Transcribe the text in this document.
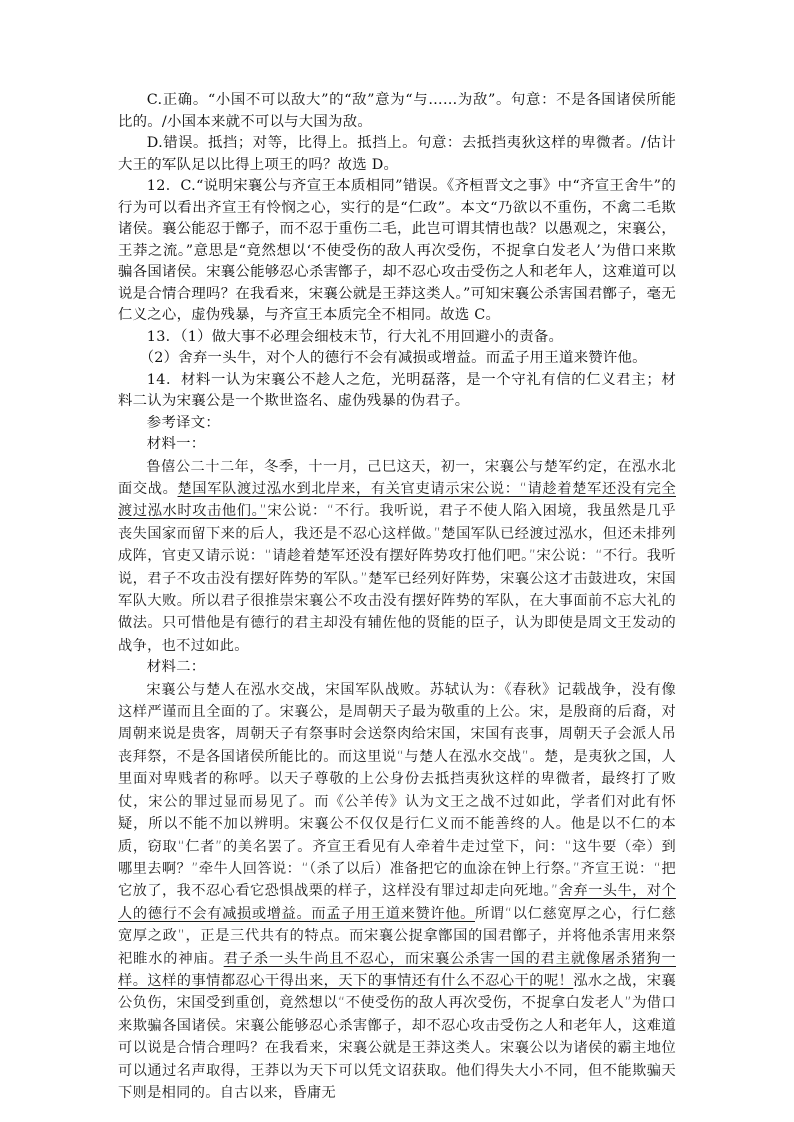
C.正确。“小国不可以敌大”的“敌”意为“与……为敌”。句意：不是各国诸侯所能比的。/小国本来就不可以与大国为敌。

D.错误。抵挡；对等，比得上。抵挡上。句意：去抵挡夷狄这样的卑微者。/估计大王的军队足以比得上项王的吗？故选 D。

12．C.“说明宋襄公与齐宣王本质相同”错误。《齐桓晋文之事》中“齐宣王舍牛”的行为可以看出齐宣王有怜悯之心，实行的是“仁政”。本文“乃欲以不重伤，不禽二毛欺诸侯。襄公能忍于鄫子，而不忍于重伤二毛，此岂可谓其情也哉？以愚观之，宋襄公，王莽之流。”意思是“竟然想以‘不使受伤的敌人再次受伤，不捉拿白发老人’为借口来欺骗各国诸侯。宋襄公能够忍心杀害鄫子，却不忍心攻击受伤之人和老年人，这难道可以说是合情合理吗？在我看来，宋襄公就是王莽这类人。”可知宋襄公杀害国君鄫子，毫无仁义之心，虚伪残暴，与齐宣王本质完全不相同。故选 C。

13．（1）做大事不必理会细枝末节，行大礼不用回避小的责备。

（2）舍弃一头牛，对个人的德行不会有减损或增益。而孟子用王道来赞许他。

14．材料一认为宋襄公不趁人之危，光明磊落，是一个守礼有信的仁义君主；材料二认为宋襄公是一个欺世盗名、虚伪残暴的伪君子。

参考译文：

材料一：

鲁僖公二十二年，冬季，十一月，己巳这天，初一，宋襄公与楚军约定，在泓水北面交战。楚国军队渡过泓水到北岸来，有关官吏请示宋公说：“请趁着楚军还没有完全渡过泓水时攻击他们。”宋公说：“不行。我听说，君子不使人陷入困境，我虽然是几乎丧失国家而留下来的后人，我还是不忍心这样做。”楚国军队已经渡过泓水，但还未排列成阵，官吏又请示说：“请趁着楚军还没有摆好阵势攻打他们吧。”宋公说：“不行。我听说，君子不攻击没有摆好阵势的军队。”楚军已经列好阵势，宋襄公这才击鼓进攻，宋国军队大败。所以君子很推崇宋襄公不攻击没有摆好阵势的军队，在大事面前不忘大礼的做法。只可惜他是有德行的君主却没有辅佐他的贤能的臣子，认为即使是周文王发动的战争，也不过如此。

材料二：

宋襄公与楚人在泓水交战，宋国军队战败。苏轼认为：《春秋》记载战争，没有像这样严谨而且全面的了。宋襄公，是周朝天子最为敬重的上公。宋，是殷商的后裔，对周朝来说是贵客，周朝天子有祭事时会送祭肉给宋国，宋国有丧事，周朝天子会派人吊丧拜祭，不是各国诸侯所能比的。而这里说“与楚人在泓水交战”。楚，是夷狄之国，人里面对卑贱者的称呼。以天子尊敬的上公身份去抵挡夷狄这样的卑微者，最终打了败仗，宋公的罪过显而易见了。而《公羊传》认为文王之战不过如此，学者们对此有怀疑，所以不能不加以辨明。宋襄公不仅仅是行仁义而不能善终的人。他是以不仁的本质，窃取“仁者”的美名罢了。齐宣王看见有人牵着牛走过堂下，问：“这牛要（牵）到哪里去啊？”牵牛人回答说：“（杀了以后）准备把它的血涂在钟上行祭。”齐宣王说：“把它放了，我不忍心看它恐惧战栗的样子，这样没有罪过却走向死地。”舍弃一头牛，对个人的德行不会有减损或增益。而孟子用王道来赞许他。所谓“以仁慈宽厚之心，行仁慈宽厚之政”，正是三代共有的特点。而宋襄公捉拿鄫国的国君鄫子，并将他杀害用来祭祀睢水的神庙。君子杀一头牛尚且不忍心，而宋襄公杀害一国的君主就像屠杀猪狗一样。这样的事情都忍心干得出来，天下的事情还有什么不忍心干的呢！泓水之战，宋襄公负伤，宋国受到重创，竟然想以“不使受伤的敌人再次受伤，不捉拿白发老人”为借口来欺骗各国诸侯。宋襄公能够忍心杀害鄫子，却不忍心攻击受伤之人和老年人，这难道可以说是合情合理吗？在我看来，宋襄公就是王莽这类人。宋襄公以为诸侯的霸主地位可以通过名声取得，王莽以为天下可以凭文诏获取。他们得失大小不同，但不能欺骗天下则是相同的。自古以来，昏庸无
